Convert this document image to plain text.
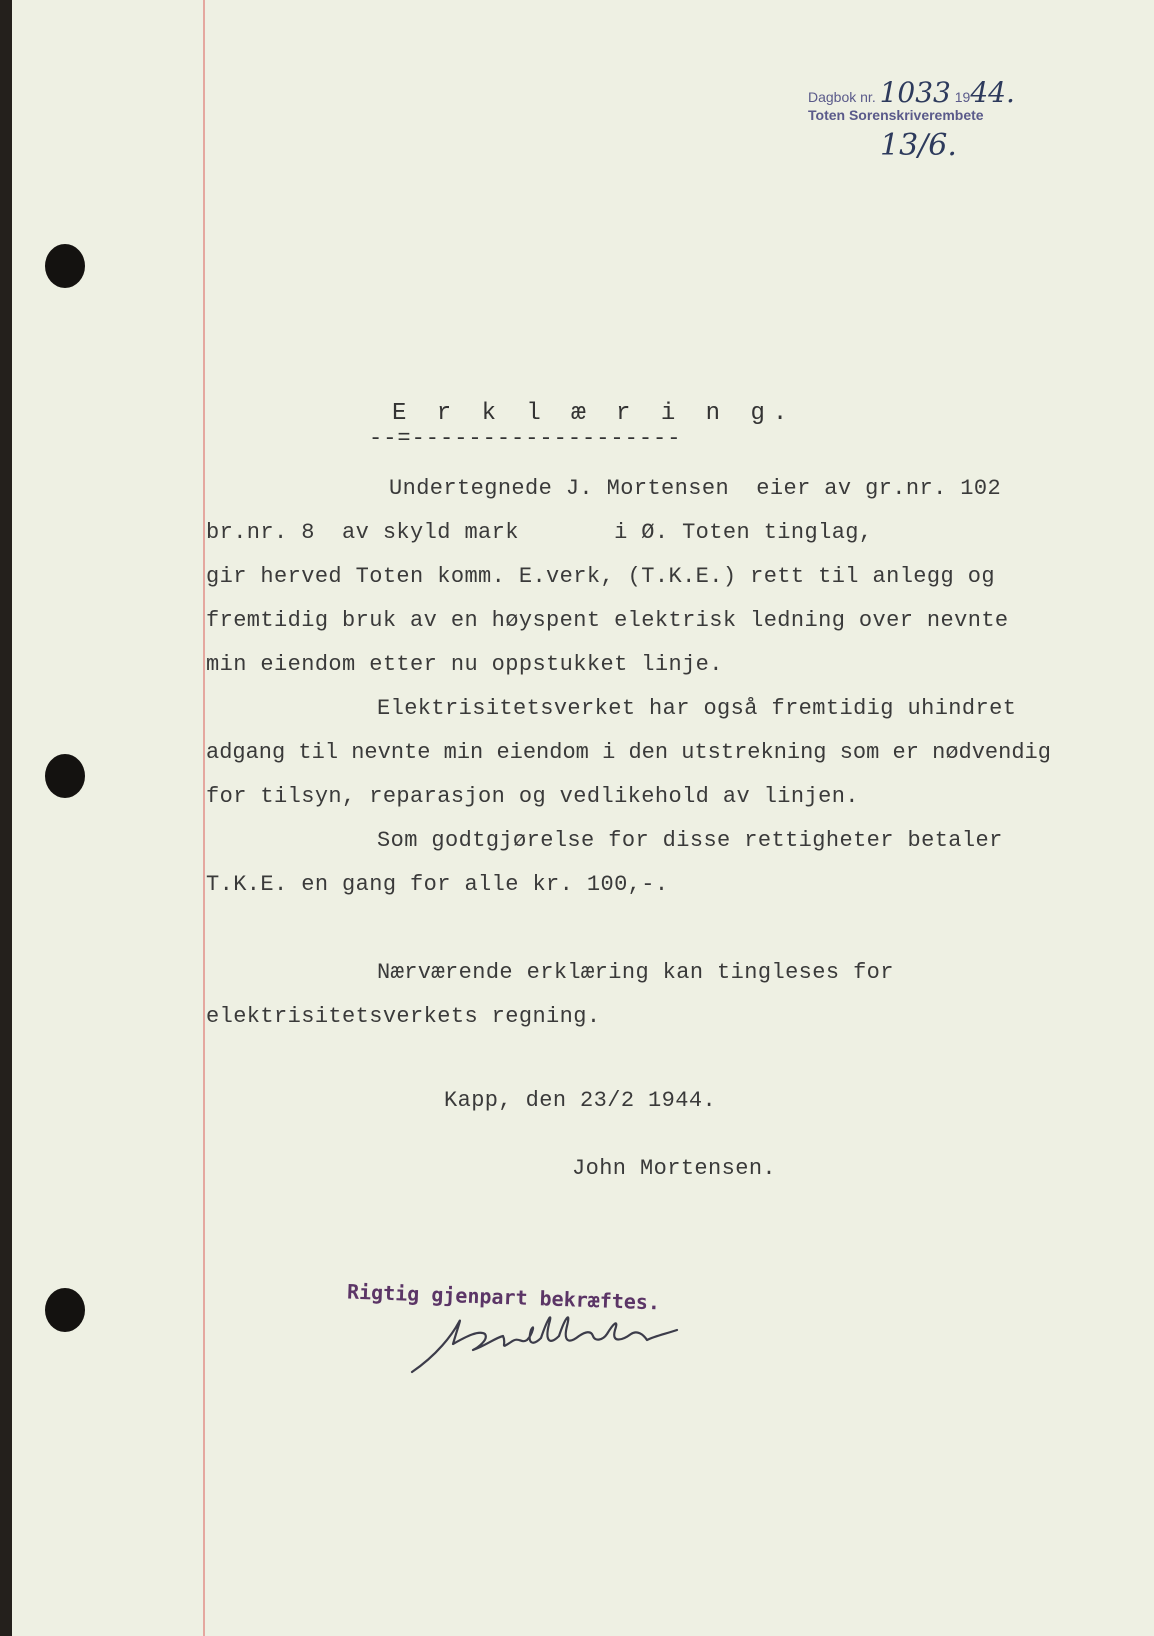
Dagbok nr. 1033 1944.
Toten Sorenskriverembete
13/6.
E r k l æ r i n g.
--=-------------------
Undertegnede J. Mortensen  eier av gr.nr. 102
br.nr. 8  av skyld mark       i Ø. Toten tinglag,
gir herved Toten komm. E.verk, (T.K.E.) rett til anlegg og
fremtidig bruk av en høyspent elektrisk ledning over nevnte
min eiendom etter nu oppstukket linje.
Elektrisitetsverket har også fremtidig uhindret
adgang til nevnte min eiendom i den utstrekning som er nødvendig
for tilsyn, reparasjon og vedlikehold av linjen.
Som godtgjørelse for disse rettigheter betaler
T.K.E. en gang for alle kr. 100,-.
Nærværende erklæring kan tingleses for
elektrisitetsverkets regning.
Kapp, den 23/2 1944.
John Mortensen.
Rigtig gjenpart bekræftes.
